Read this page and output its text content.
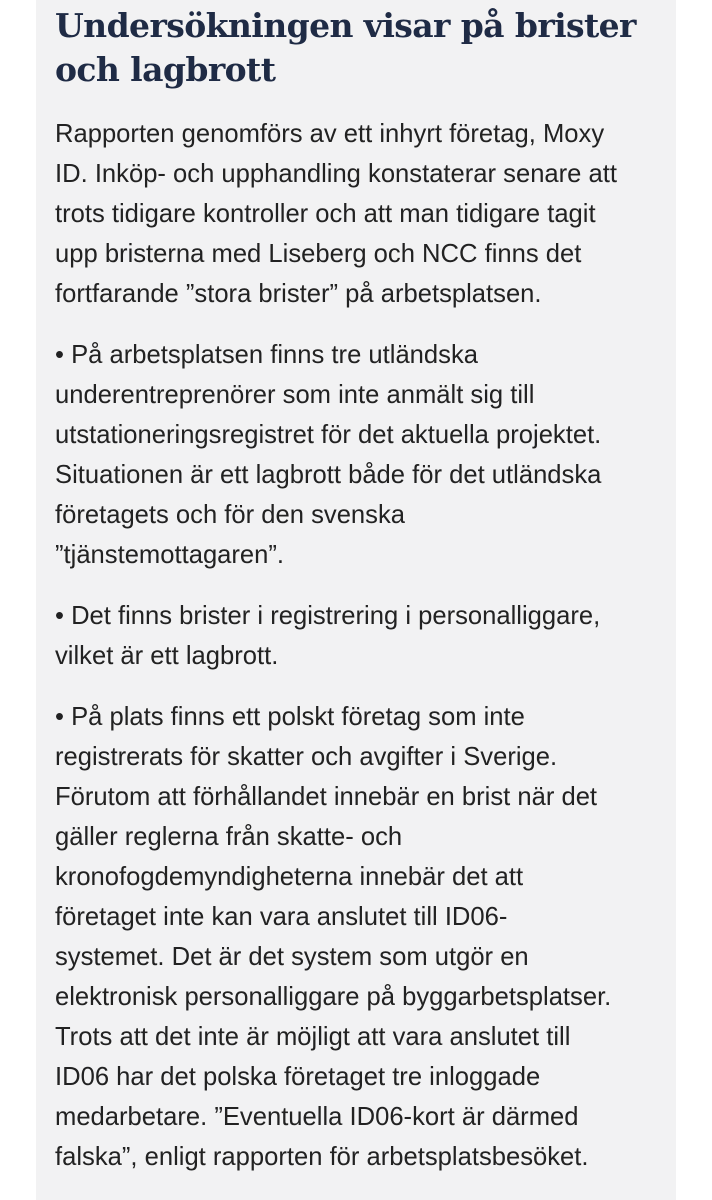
Undersökningen visar på brister och lagbrott

Rapporten genomförs av ett inhyrt företag, Moxy
ID. Inköp- och upphandling konstaterar senare att
trots tidigare kontroller och att man tidigare tagit
upp bristerna med Liseberg och NCC finns det
fortfarande ”stora brister” på arbetsplatsen.

• På arbetsplatsen finns tre utländska
underentreprenörer som inte anmält sig till
utstationeringsregistret för det aktuella projektet.
Situationen är ett lagbrott både för det utländska
företagets och för den svenska
”tjänstemottagaren”.

• Det finns brister i registrering i personalliggare,
vilket är ett lagbrott.

• På plats finns ett polskt företag som inte
registrerats för skatter och avgifter i Sverige.
Förutom att förhållandet innebär en brist när det
gäller reglerna från skatte- och
kronofogdemyndigheterna innebär det att
företaget inte kan vara anslutet till ID06-
systemet. Det är det system som utgör en
elektronisk personalliggare på byggarbetsplatser.
Trots att det inte är möjligt att vara anslutet till
ID06 har det polska företaget tre inloggade
medarbetare. ”Eventuella ID06-kort är därmed
falska”, enligt rapporten för arbetsplatsbesöket.
